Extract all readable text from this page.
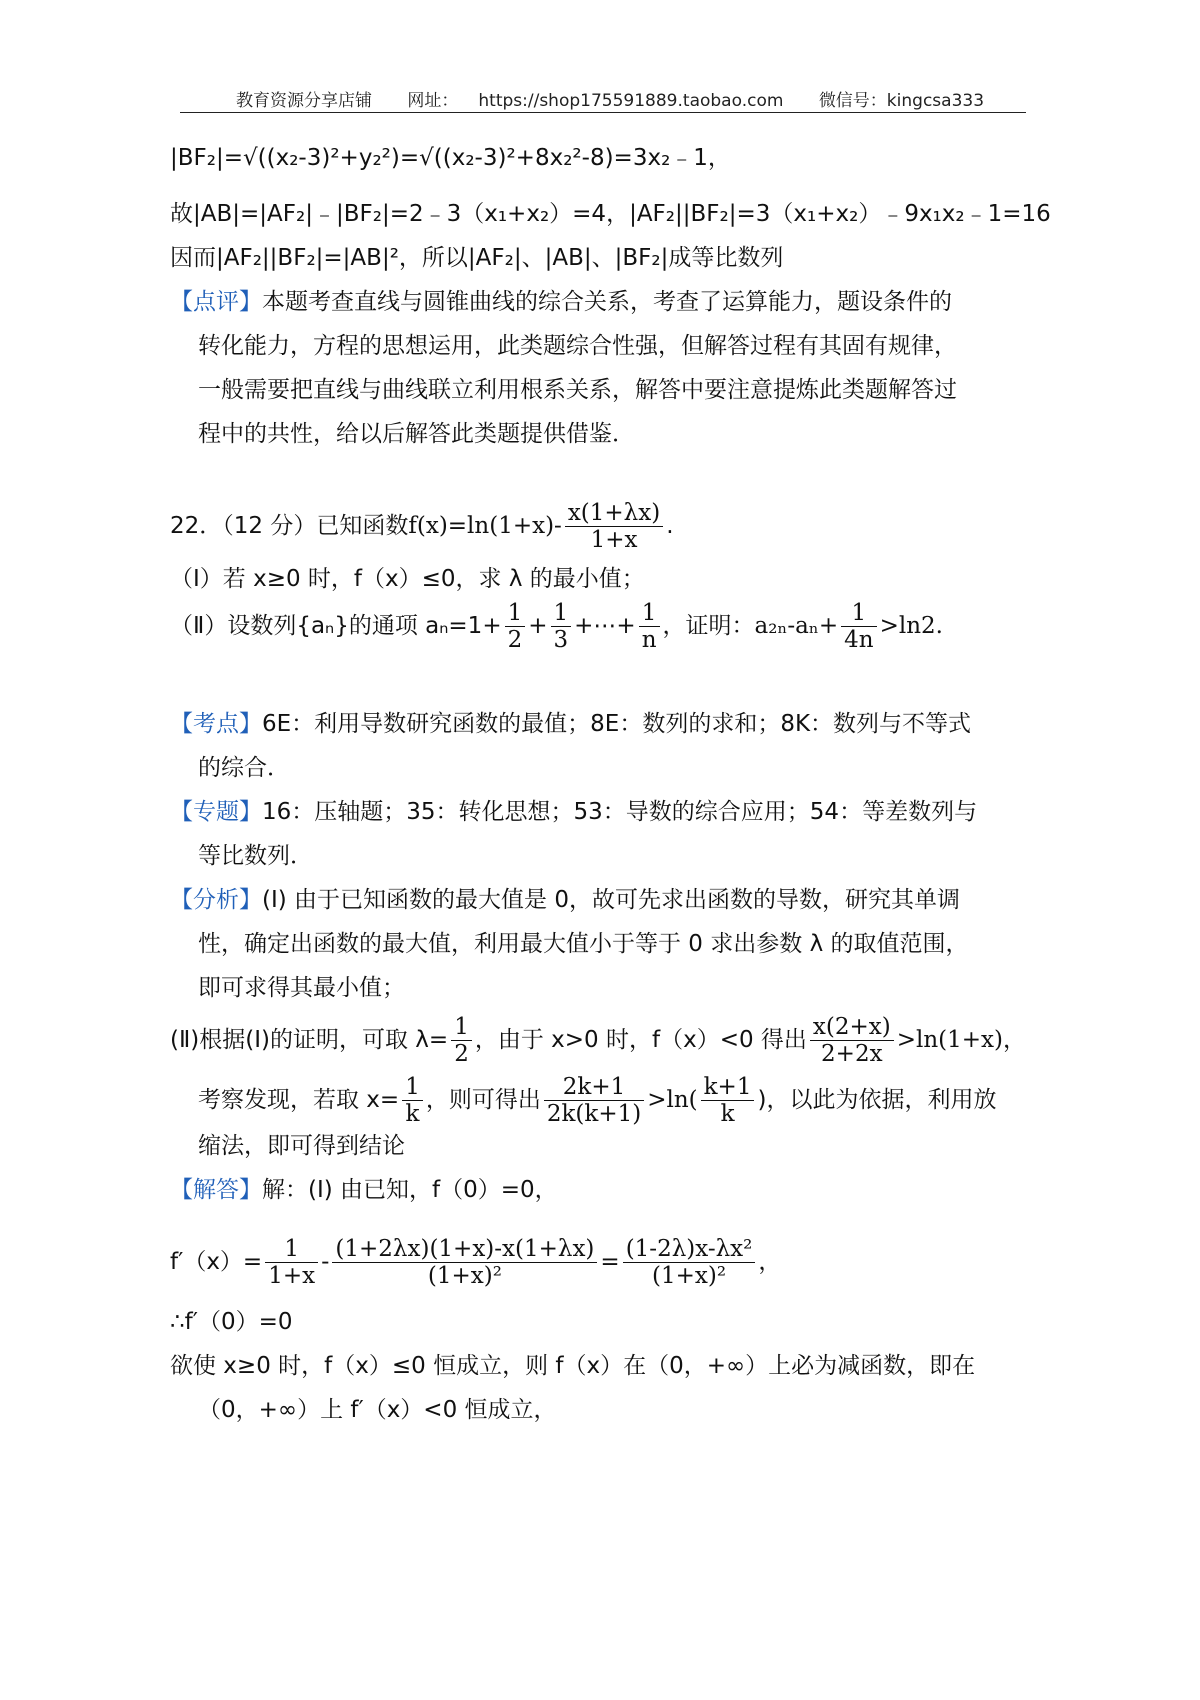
教育资源分享店铺 网址： https://shop175591889.taobao.com 微信号：kingcsa333
|BF₂|=√((x₂-3)²+y₂²)=√((x₂-3)²+8x₂²-8)=3x₂﹣1，
故|AB|=|AF₂|﹣|BF₂|=2﹣3（x₁+x₂）=4，|AF₂||BF₂|=3（x₁+x₂）﹣9x₁x₂﹣1=16
因而|AF₂||BF₂|=|AB|²，所以|AF₂|、|AB|、|BF₂|成等比数列
【点评】本题考查直线与圆锥曲线的综合关系，考查了运算能力，题设条件的
转化能力，方程的思想运用，此类题综合性强，但解答过程有其固有规律，
一般需要把直线与曲线联立利用根系关系，解答中要注意提炼此类题解答过
程中的共性，给以后解答此类题提供借鉴．
22．（12 分）已知函数$f(x)=\ln(1+x)- \frac{x(1+\lambda x)}{1+x}$ .
（Ⅰ）若 x≥0 时，f（x）≤0，求 λ 的最小值；
（Ⅱ）设数列{aₙ}的通项 $a_n=1+ \frac{1}{2} + \frac{1}{3}$ +⋯+ $\frac{1}{n}$ ，证明：$a_{2n}-a_n+ \frac{1}{4n} >\ln 2$.
【考点】6E：利用导数研究函数的最值；8E：数列的求和；8K：数列与不等式
的综合．
【专题】16：压轴题；35：转化思想；53：导数的综合应用；54：等差数列与
等比数列．
【分析】(Ⅰ) 由于已知函数的最大值是 0，故可先求出函数的导数，研究其单调
性，确定出函数的最大值，利用最大值小于等于 0 求出参数 λ 的取值范围，
即可求得其最小值；
(Ⅱ)根据(Ⅰ)的证明，可取 $\lambda= \frac{1}{2}$ ，由于 x>0 时，f（x）<0 得出 $\frac{x(2+x)}{2+2x} >\ln(1+x)$，
考察发现，若取 $x= \frac{1}{k}$ ，则可得出 $\frac{2k+1}{2k(k+1)} >\ln( \frac{k+1}{k}$ )，以此为依据，利用放
缩法，即可得到结论
【解答】解：(Ⅰ) 由已知，f（0）=0，
$f'(x)= \frac{1}{1+x} - \frac{(1+2\lambda x)(1+x)-x(1+\lambda x)}{\text{(1+x)²}} = \frac{\text{(1-2λ)x-λx²}}{\text{(1+x)²}}$ ，
∴f′（0）=0
欲使 x≥0 时，f（x）≤0 恒成立，则 f（x）在（0，+∞）上必为减函数，即在
（0，+∞）上 f′（x）<0 恒成立，
